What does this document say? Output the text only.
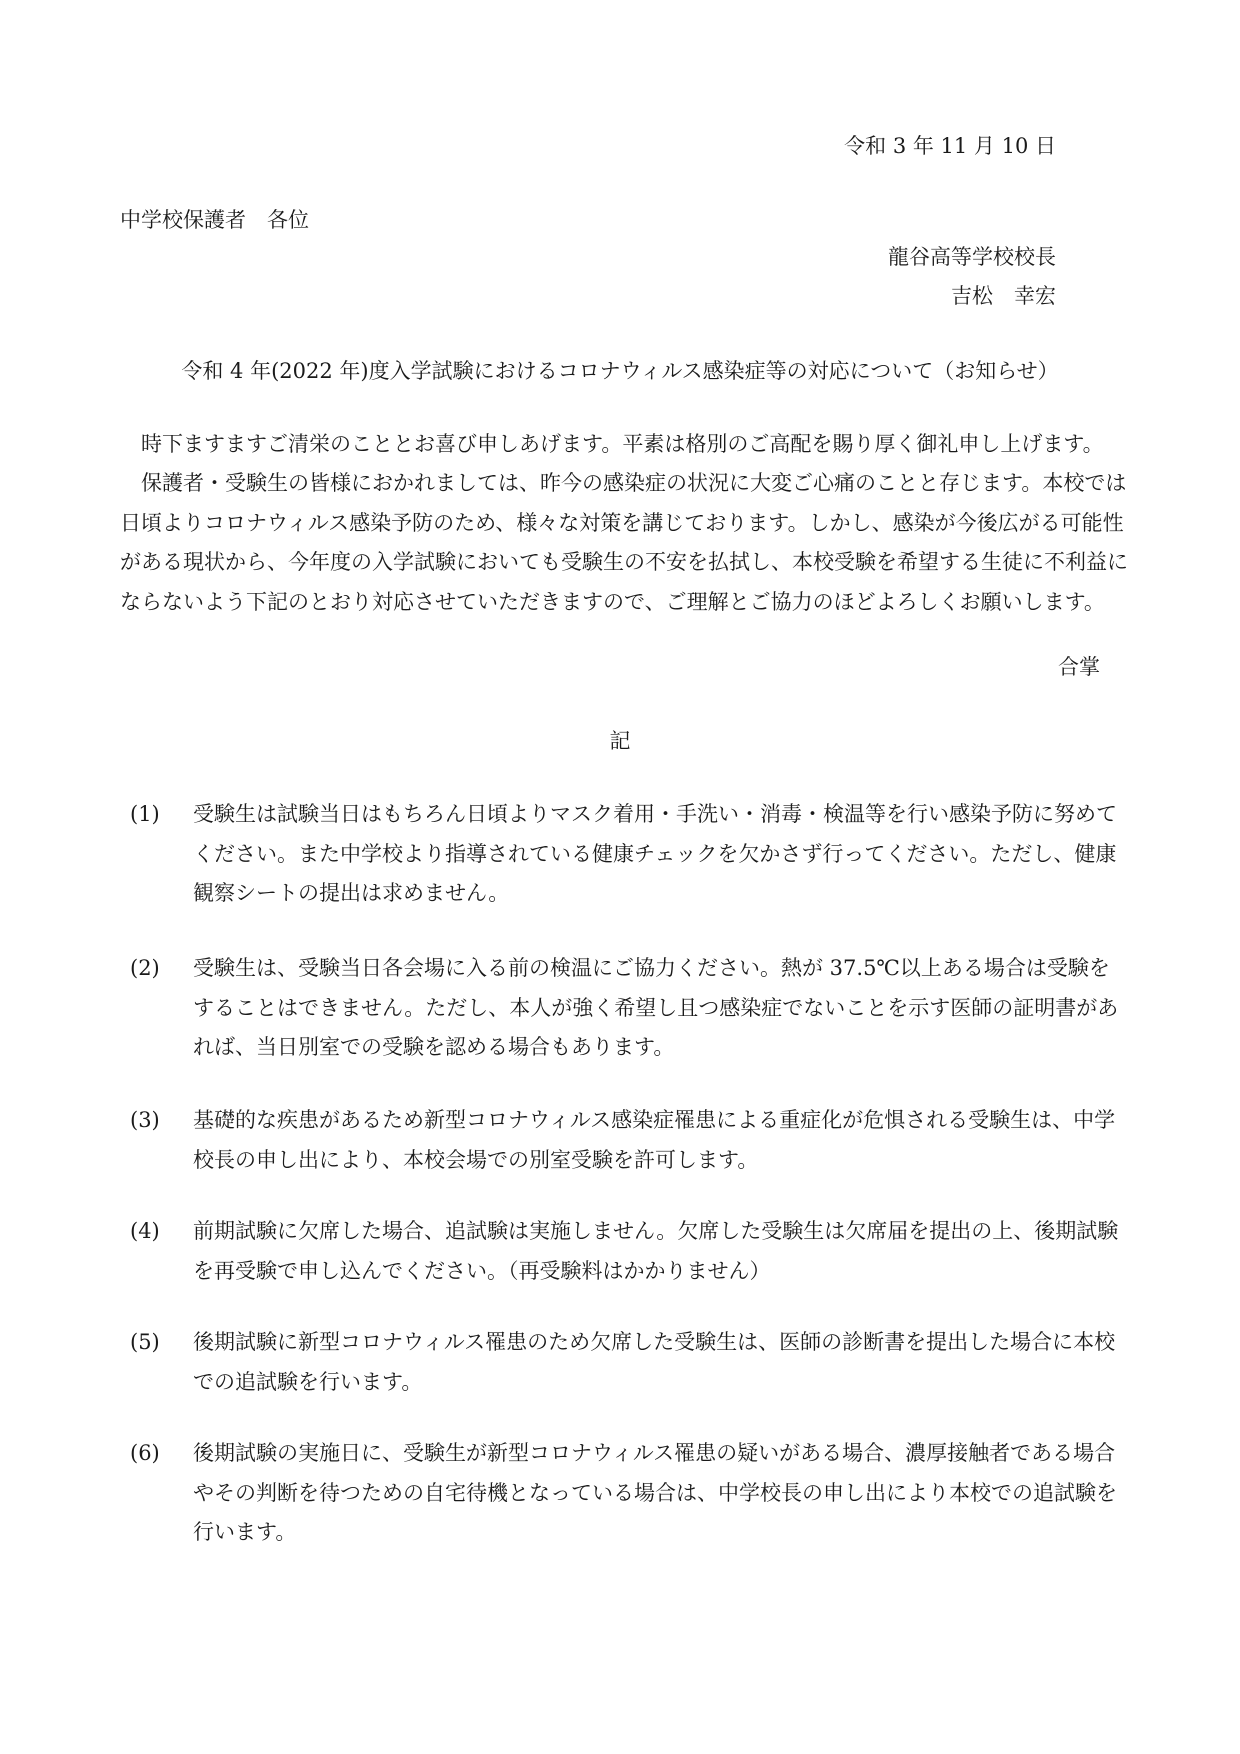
令和 3 年 11 月 10 日
中学校保護者　各位
龍谷高等学校校長
吉松　幸宏
令和 4 年(2022 年)度入学試験におけるコロナウィルス感染症等の対応について（お知らせ）
時下ますますご清栄のこととお喜び申しあげます。平素は格別のご高配を賜り厚く御礼申し上げます。
保護者・受験生の皆様におかれましては、昨今の感染症の状況に大変ご心痛のことと存じます。本校では日頃よりコロナウィルス感染予防のため、様々な対策を講じております。しかし、感染が今後広がる可能性がある現状から、今年度の入学試験においても受験生の不安を払拭し、本校受験を希望する生徒に不利益にならないよう下記のとおり対応させていただきますので、ご理解とご協力のほどよろしくお願いします。
合掌
記
(1)	受験生は試験当日はもちろん日頃よりマスク着用・手洗い・消毒・検温等を行い感染予防に努めてください。また中学校より指導されている健康チェックを欠かさず行ってください。ただし、健康観察シートの提出は求めません。
(2)	受験生は、受験当日各会場に入る前の検温にご協力ください。熱が 37.5℃以上ある場合は受験をすることはできません。ただし、本人が強く希望し且つ感染症でないことを示す医師の証明書があれば、当日別室での受験を認める場合もあります。
(3)	基礎的な疾患があるため新型コロナウィルス感染症罹患による重症化が危惧される受験生は、中学校長の申し出により、本校会場での別室受験を許可します。
(4)	前期試験に欠席した場合、追試験は実施しません。欠席した受験生は欠席届を提出の上、後期試験を再受験で申し込んでください。（再受験料はかかりません）
(5)	後期試験に新型コロナウィルス罹患のため欠席した受験生は、医師の診断書を提出した場合に本校での追試験を行います。
(6)	後期試験の実施日に、受験生が新型コロナウィルス罹患の疑いがある場合、濃厚接触者である場合やその判断を待つための自宅待機となっている場合は、中学校長の申し出により本校での追試験を行います。
